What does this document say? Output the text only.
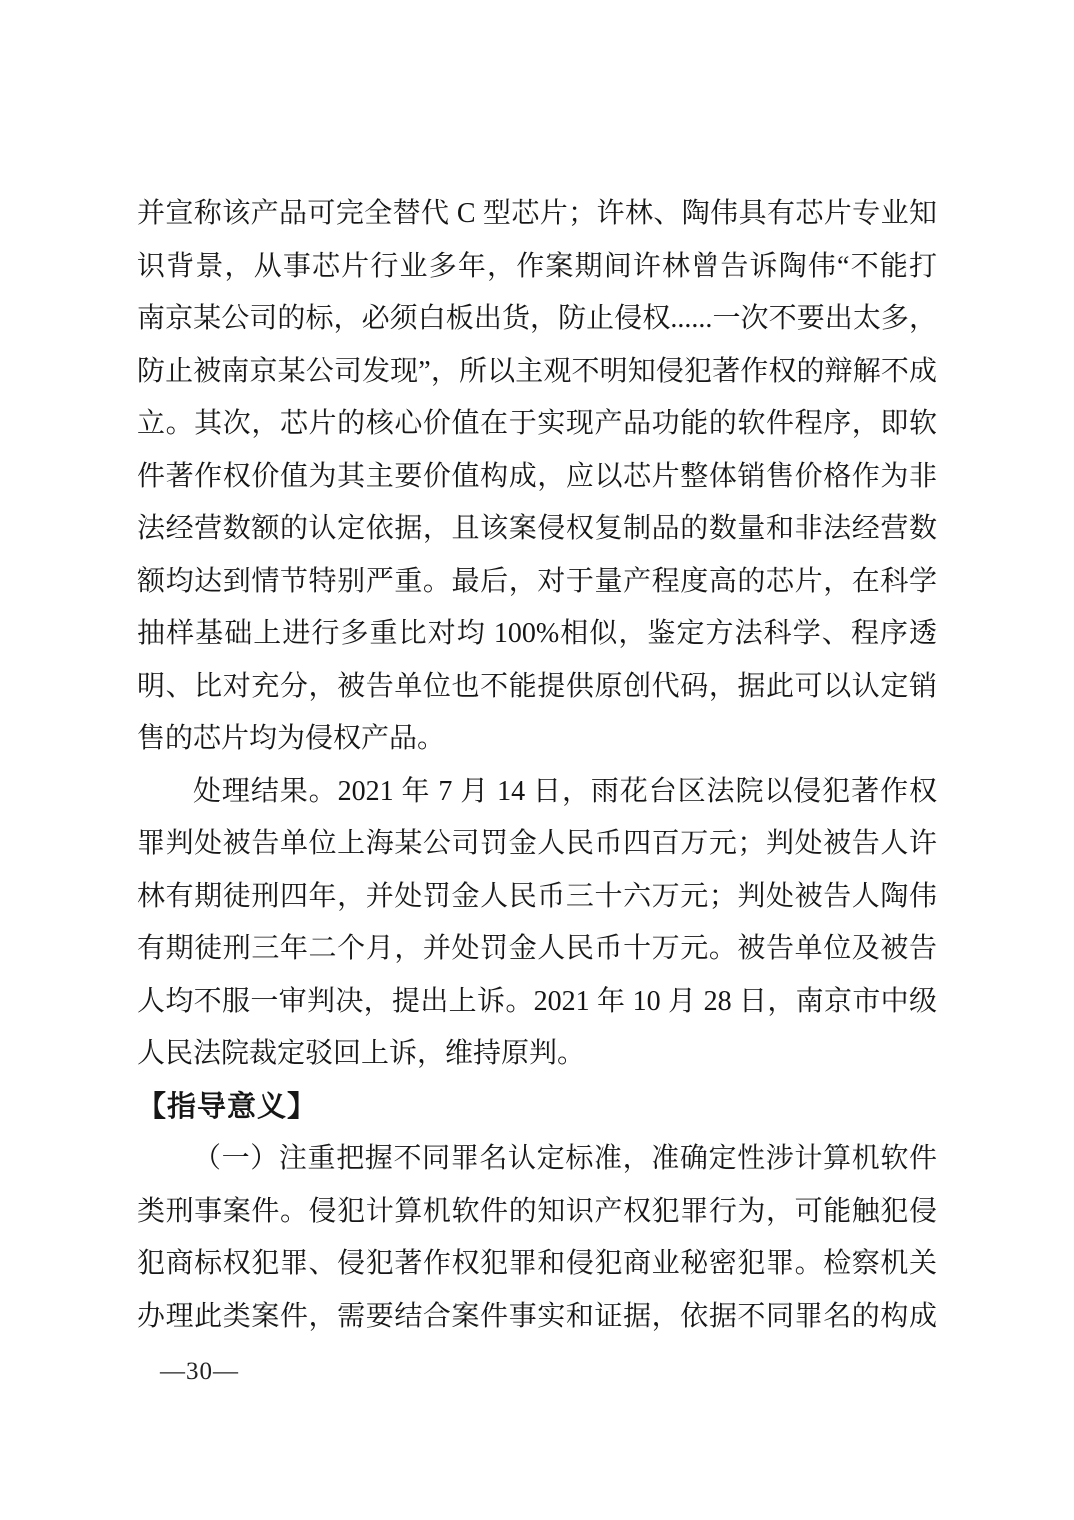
并宣称该产品可完全替代 C 型芯片；许林、陶伟具有芯片专业知
识背景，从事芯片行业多年，作案期间许林曾告诉陶伟“不能打
南京某公司的标，必须白板出货，防止侵权......一次不要出太多，
防止被南京某公司发现”，所以主观不明知侵犯著作权的辩解不成
立。其次，芯片的核心价值在于实现产品功能的软件程序，即软
件著作权价值为其主要价值构成，应以芯片整体销售价格作为非
法经营数额的认定依据，且该案侵权复制品的数量和非法经营数
额均达到情节特别严重。最后，对于量产程度高的芯片，在科学
抽样基础上进行多重比对均 100%相似，鉴定方法科学、程序透
明、比对充分，被告单位也不能提供原创代码，据此可以认定销
售的芯片均为侵权产品。
处理结果。2021 年 7 月 14 日，雨花台区法院以侵犯著作权
罪判处被告单位上海某公司罚金人民币四百万元；判处被告人许
林有期徒刑四年，并处罚金人民币三十六万元；判处被告人陶伟
有期徒刑三年二个月，并处罚金人民币十万元。被告单位及被告
人均不服一审判决，提出上诉。2021 年 10 月 28 日，南京市中级
人民法院裁定驳回上诉，维持原判。
【指导意义】
（一）注重把握不同罪名认定标准，准确定性涉计算机软件
类刑事案件。侵犯计算机软件的知识产权犯罪行为，可能触犯侵
犯商标权犯罪、侵犯著作权犯罪和侵犯商业秘密犯罪。检察机关
办理此类案件，需要结合案件事实和证据，依据不同罪名的构成
—30—
